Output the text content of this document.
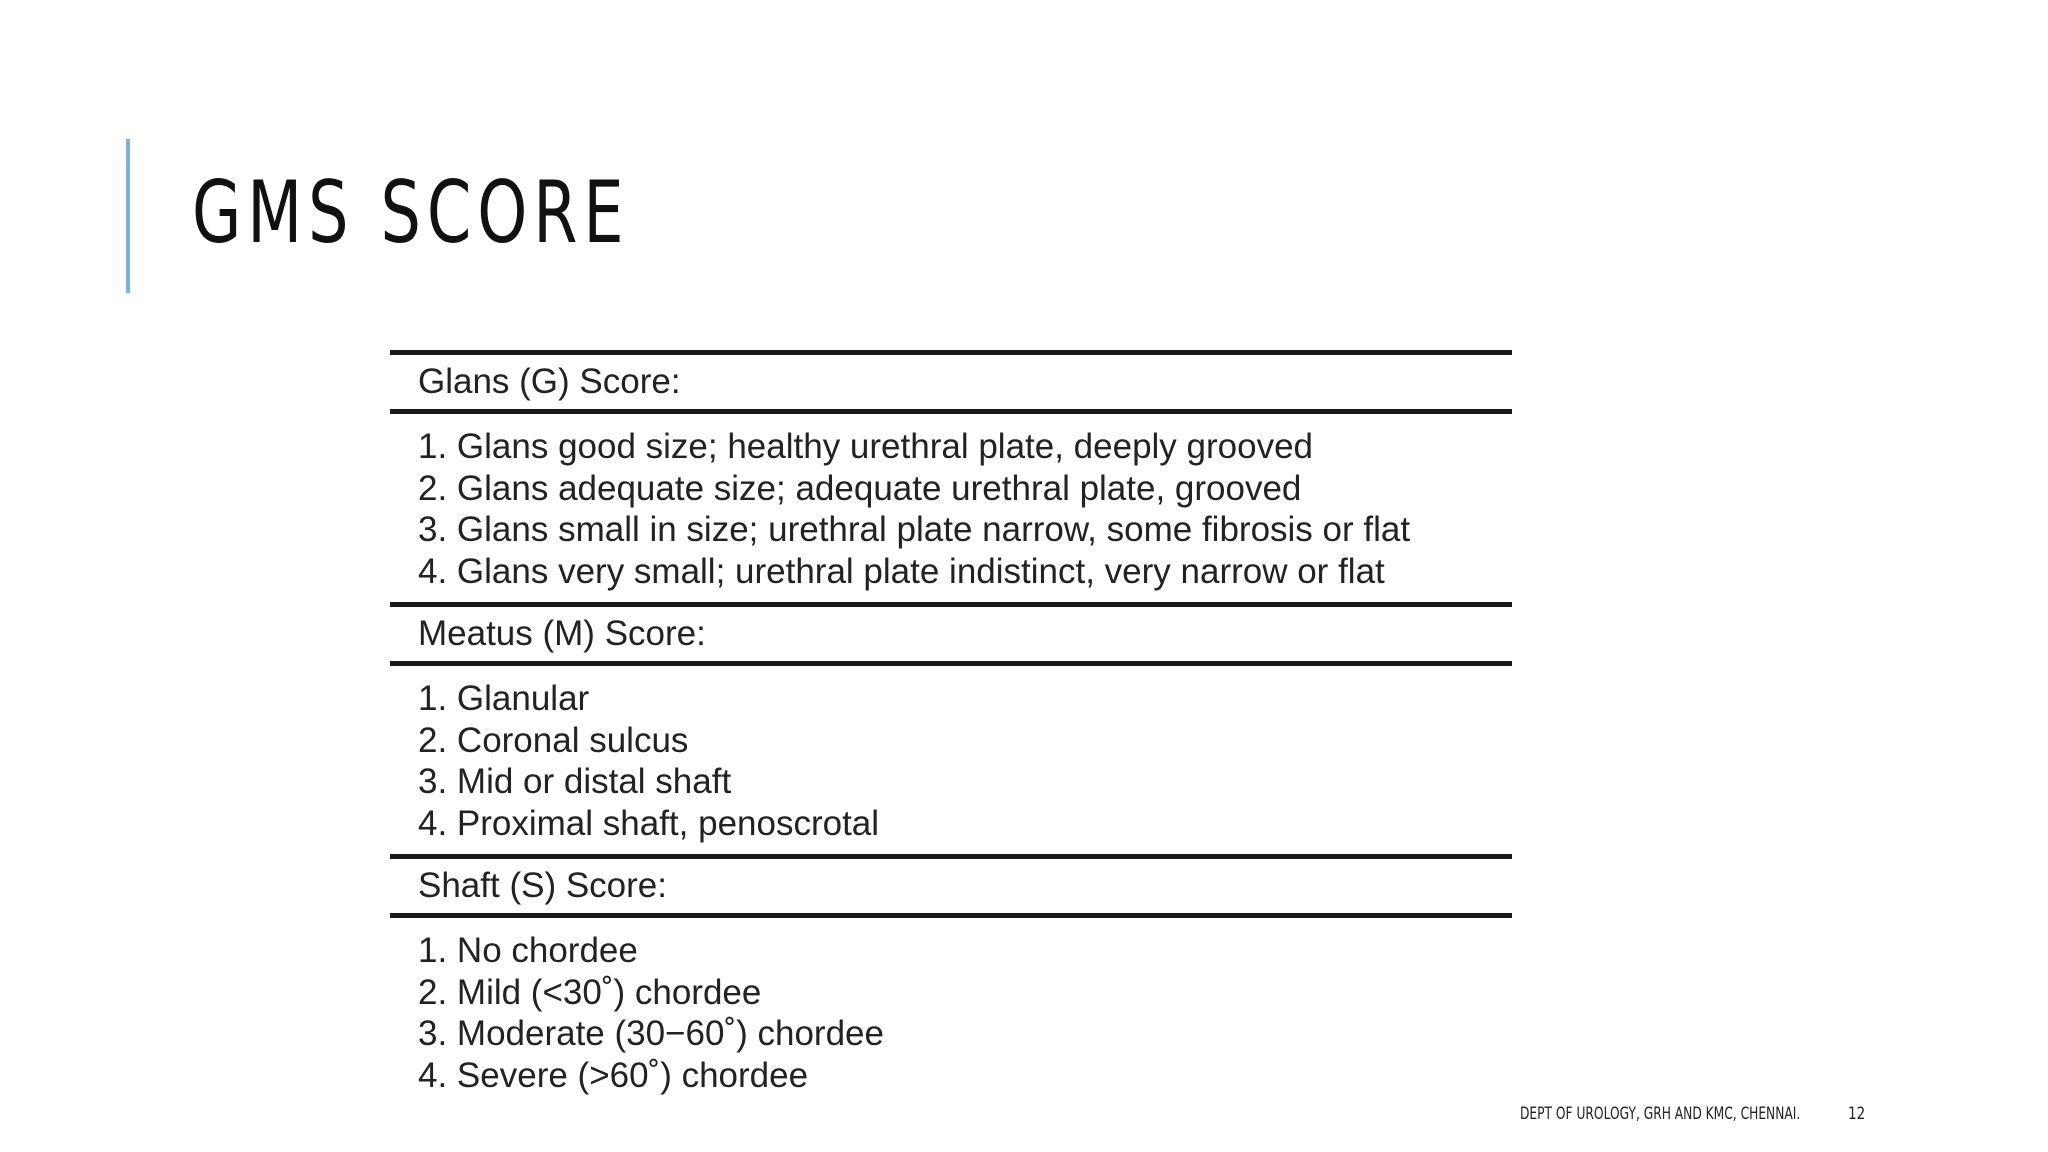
GMS SCORE
Glans (G) Score:
1. Glans good size; healthy urethral plate, deeply grooved
2. Glans adequate size; adequate urethral plate, grooved
3. Glans small in size; urethral plate narrow, some fibrosis or flat
4. Glans very small; urethral plate indistinct, very narrow or flat
Meatus (M) Score:
1. Glanular
2. Coronal sulcus
3. Mid or distal shaft
4. Proximal shaft, penoscrotal
Shaft (S) Score:
1. No chordee
2. Mild (<30˚) chordee
3. Moderate (30−60˚) chordee
4. Severe (>60˚) chordee
DEPT OF UROLOGY, GRH AND KMC, CHENNAI.	12
